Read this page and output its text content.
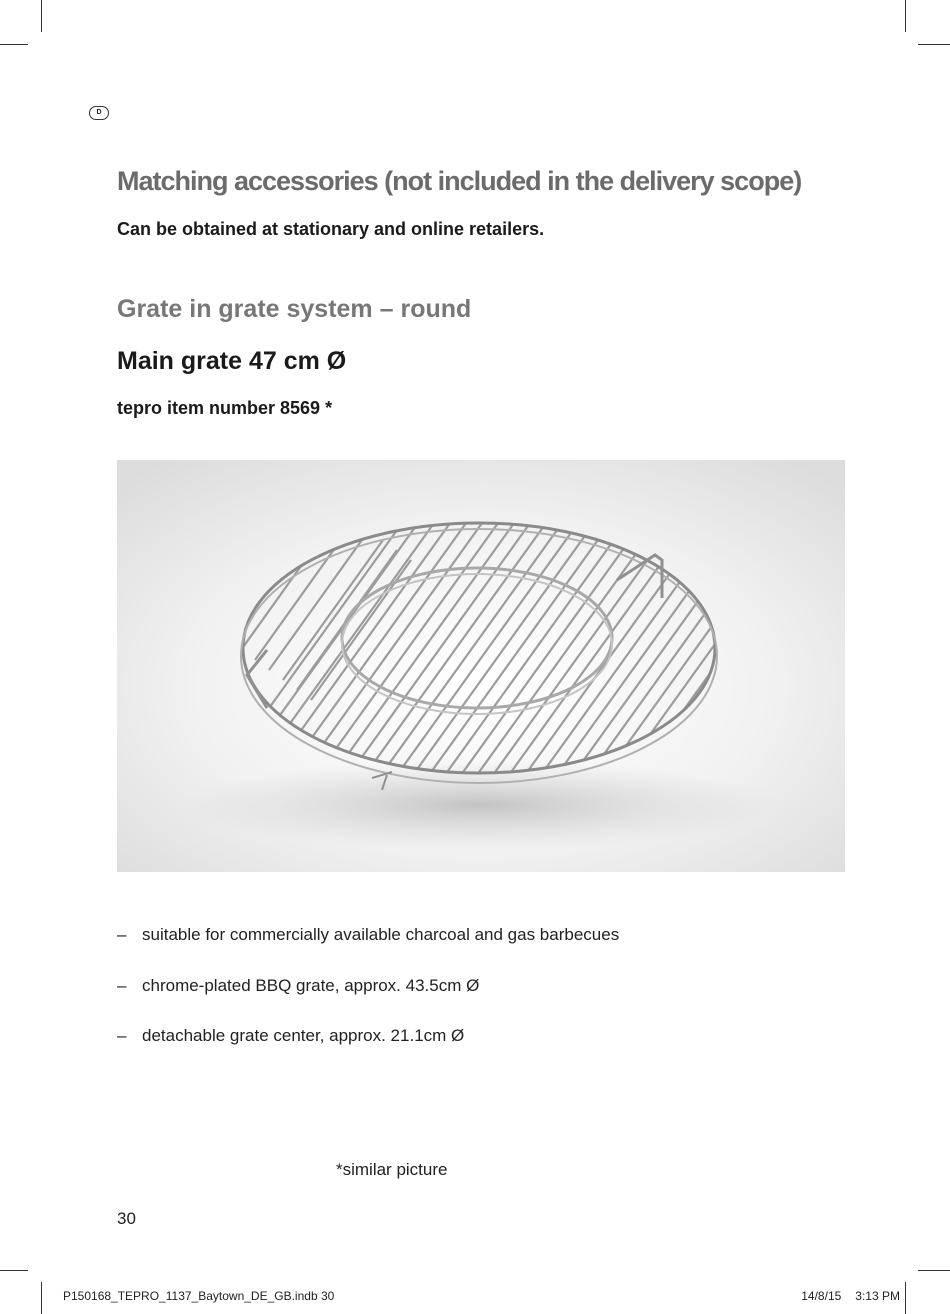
D
Matching accessories (not included in the delivery scope)

Can be obtained at stationary and online retailers.

Grate in grate system – round
Main grate 47 cm Ø
tepro item number 8569 *
– suitable for commercially available charcoal and gas barbecues
– chrome-plated BBQ grate, approx. 43.5cm Ø
– detachable grate center, approx. 21.1cm Ø
*similar picture
30
P150168_TEPRO_1137_Baytown_DE_GB.indb 30	14/8/15 3:13 PM
